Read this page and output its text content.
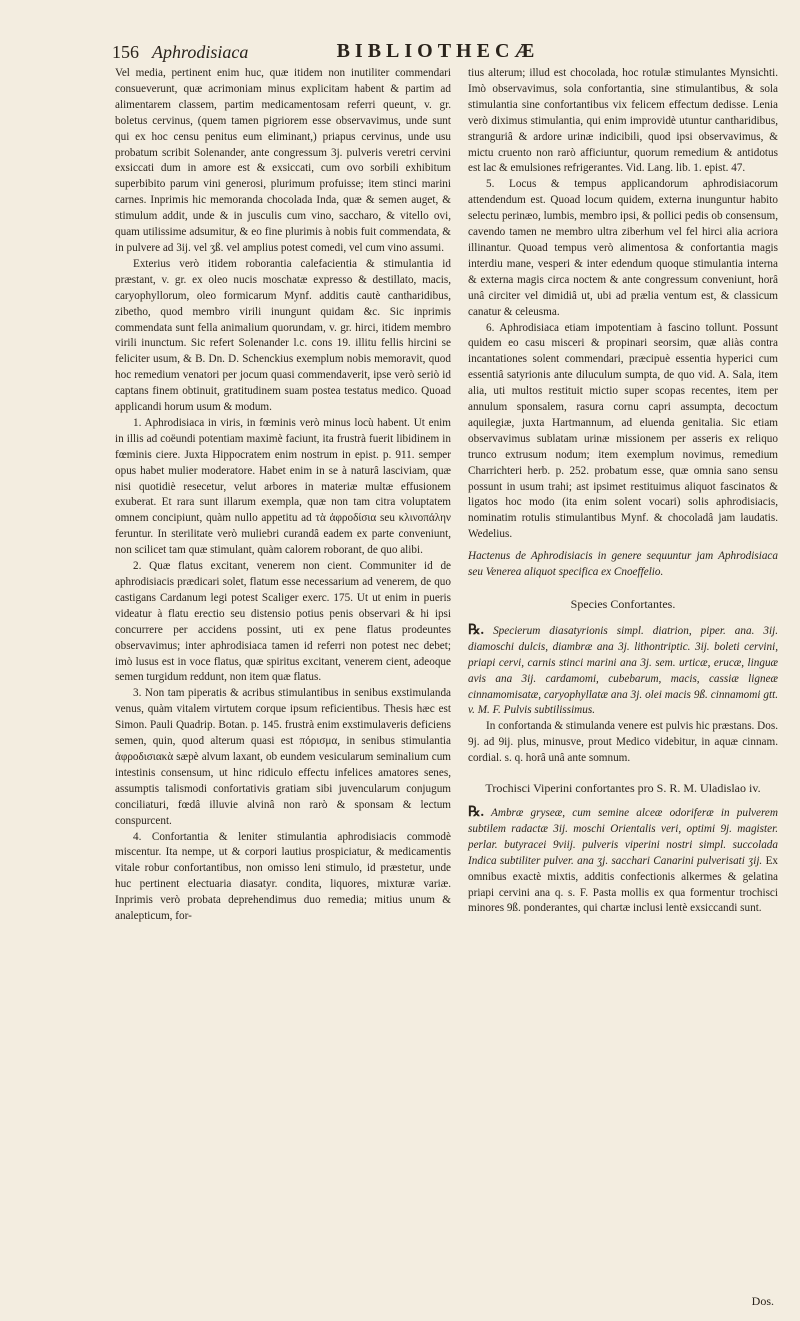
156 Aphrodisiaca	BIBLIOTHECÆ

Vel media, pertinent enim huc, quæ itidem non inutiliter commendari consueverunt, quæ acrimoniam minus explicitam habent & partim ad alimentarem classem, partim medicamentosam referri queunt, v. gr. boletus cervinus, (quem tamen pigriorem esse observavimus, unde sunt qui ex hoc censu penitus eum eliminant,) priapus cervinus, unde usu probatum scribit Solenander, ante congressum 3j. pulveris veretri cervini exsiccati dum in amore est & exsiccati, cum ovo sorbili exhibitum superbibito parum vini generosi, plurimum profuisse; item stinci marini carnes. Inprimis hic memoranda chocolada Inda, quæ & semen auget, & stimulum addit, unde & in jusculis cum vino, saccharo, & vitello ovi, quam utilissime adsumitur, & eo fine plurimis à nobis fuit commendata, & in pulvere ad 3ij. vel ʒß. vel amplius potest comedi, vel cum vino assumi.

Exterius verò itidem roborantia calefacientia & stimulantia id præstant, v. gr. ex oleo nucis moschatæ expresso & destillato, macis, caryophyllorum, oleo formicarum Mynf. additis cautè cantharidibus, zibetho, quod membro virili inungunt quidam &c. Sic inprimis commendata sunt fella animalium quorundam, v. gr. hirci, itidem membro virili inunctum. Sic refert Solenander l.c. cons 19. illitu fellis hircini se feliciter usum, & B. Dn. D. Schenckius exemplum nobis memoravit, quod hoc remedium venatori per jocum quasi commendaverit, ipse verò seriò id captans finem obtinuit, gratitudinem suam postea testatus medico. Quoad applicandi horum usum & modum.

1. Aphrodisiaca in viris, in fœminis verò minus locù habent. Ut enim in illis ad coëundi potentiam maximè faciunt, ita frustrà fuerit libidinem in fœminis ciere. Juxta Hippocratem enim nostrum in epist. p. 911. semper opus habet mulier moderatore. Habet enim in se à naturâ lasciviam, quæ nisi quotidiè resecetur, velut arbores in materiæ multæ effusionem exuberat. Et rara sunt illarum exempla, quæ non tam citra voluptatem omnem concipiunt, quàm nullo appetitu ad τὰ ἀφροδίσια seu κλινοπάλην feruntur. In sterilitate verò muliebri curandâ eadem ex parte conveniunt, non scilicet tam quæ stimulant, quàm calorem roborant, de quo alibi.

2. Quæ flatus excitant, venerem non cient. Communiter id de aphrodisiacis prædicari solet, flatum esse necessarium ad venerem, de quo castigans Cardanum legi potest Scaliger exerc. 175. Ut ut enim in pueris videatur à flatu erectio seu distensio potius penis observari & hi ipsi concurrere per accidens possint, uti ex pene flatus prodeuntes observavimus; inter aphrodisiaca tamen id referri non potest nec debet; imò lusus est in voce flatus, quæ spiritus excitant, venerem cient, adeoque semen turgidum reddunt, non item quæ flatus.

3. Non tam piperatis & acribus stimulantibus in senibus exstimulanda venus, quàm vitalem virtutem corque ipsum reficientibus. Thesis hæc est Simon. Pauli Quadrip. Botan. p. 145. frustrà enim exstimulaveris deficiens semen, quin, quod alterum quasi est πόρισμα, in senibus stimulantia ἀφροδισιακὰ sæpè alvum laxant, ob eundem vesicularum seminalium cum intestinis consensum, ut hinc ridiculo effectu infelices amatores senes, assumptis talismodi confortativis gratiam sibi juvencularum conjugum conciliaturi, fœdâ illuvie alvinâ non rarò & sponsam & lectum conspurcent.

4. Confortantia & leniter stimulantia aphrodisiacis commodè miscentur. Ita nempe, ut & corpori lautius prospiciatur, & medicamentis vitale robur confortantibus, non omisso leni stimulo, id præstetur, unde huc pertinent electuaria diasatyr. condita, liquores, mixturæ variæ. Inprimis verò probata deprehendimus duo remedia; mitius unum & analepticum, for-

tius alterum; illud est chocolada, hoc rotulæ stimulantes Mynsichti. Imò observavimus, sola confortantia, sine stimulantibus, & sola stimulantia sine confortantibus vix felicem effectum dedisse. Lenia verò diximus stimulantia, qui enim improvidè utuntur cantharidibus, stranguriâ & ardore urinæ indicibili, quod ipsi observavimus, & mictu cruento non rarò afficiuntur, quorum remedium & antidotus est lac & emulsiones refrigerantes. Vid. Lang. lib. 1. epist. 47.

5. Locus & tempus applicandorum aphrodisiacorum attendendum est. Quoad locum quidem, externa inunguntur habito selectu perinæo, lumbis, membro ipsi, & pollici pedis ob consensum, cavendo tamen ne membro ultra ziberhum vel fel hirci alia acriora illinantur. Quoad tempus verò alimentosa & confortantia magis interdiu mane, vesperi & inter edendum quoque stimulantia interna & externa magis circa noctem & ante congressum conveniunt, horâ unâ circiter vel dimidiâ ut, ubi ad prælia ventum est, & classicum canatur & celeusma.

6. Aphrodisiaca etiam impotentiam à fascino tollunt. Possunt quidem eo casu misceri & propinari seorsim, quæ aliàs contra incantationes solent commendari, præcipuè essentia hyperici cum essentiâ satyrionis ante diluculum sumpta, de quo vid. A. Sala, item alia, uti multos restituit mictio super scopas recentes, item per annulum sponsalem, rasura cornu capri assumpta, decoctum aquilegiæ, juxta Hartmannum, ad eluenda genitalia. Sic etiam observavimus sublatam urinæ missionem per asseris ex reliquo trunco extrusum nodum; item exemplum novimus, remedium Charrichteri herb. p. 252. probatum esse, quæ omnia sano sensu possunt in usum trahi; ast ipsimet restituimus aliquot fascinatos & ligatos hoc modo (ita enim solent vocari) solis aphrodisiacis, nominatim rotulis stimulantibus Mynf. & chocoladâ jam laudatis. Wedelius.

Hactenus de Aphrodisiacis in genere sequuntur jam Aphrodisiaca seu Venerea aliquot specifica ex Cnoeffelio.

Species Confortantes.

℞. Specierum diasatyrionis simpl. diatrion, piper. ana. 3ij. diamoschi dulcis, diambræ ana 3j. lithontriptic. 3ij. boleti cervini, priapi cervi, carnis stinci marini ana 3j. sem. urticæ, erucæ, linguæ avis ana 3ij. cardamomi, cubebarum, macis, cassiæ ligneæ cinnamomisatæ, caryophyllatæ ana 3j. olei macis 9ß. cinnamomi gtt. v. M. F. Pulvis subtilissimus.

In confortanda & stimulanda venere est pulvis hic præstans. Dos. 9j. ad 9ij. plus, minusve, prout Medico videbitur, in aquæ cinnam. cordial. s. q. horâ unâ ante somnum.

Trochisci Viperini confortantes pro S. R. M. Uladislao iv.

℞. Ambræ gryseæ, cum semine alceæ odoriferæ in pulverem subtilem radactæ 3ij. moschi Orientalis veri, optimi 9j. magister. perlar. butyracei 9viij. pulveris viperini nostri simpl. succolada Indica subtiliter pulver. ana ʒj. sacchari Canarini pulverisati ʒij. Ex omnibus exactè mixtis, additis confectionis alkermes & gelatina priapi cervini ana q. s. F. Pasta mollis ex qua formentur trochisci minores 9ß. ponderantes, qui chartæ inclusi lentè exsiccandi sunt.

Dos.
